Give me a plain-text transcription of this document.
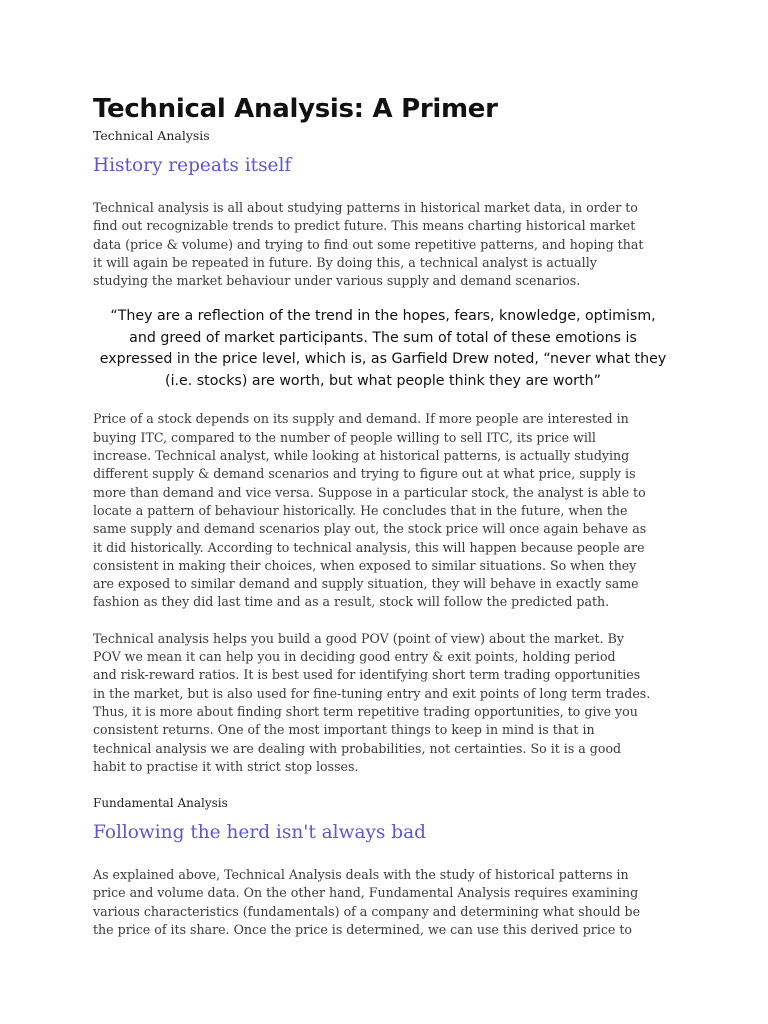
Technical Analysis: A Primer
Technical Analysis
History repeats itself

Technical analysis is all about studying patterns in historical market data, in order to
find out recognizable trends to predict future. This means charting historical market
data (price & volume) and trying to find out some repetitive patterns, and hoping that
it will again be repeated in future. By doing this, a technical analyst is actually
studying the market behaviour under various supply and demand scenarios.

“They are a reflection of the trend in the hopes, fears, knowledge, optimism,
and greed of market participants. The sum of total of these emotions is
expressed in the price level, which is, as Garfield Drew noted, “never what they
(i.e. stocks) are worth, but what people think they are worth”

Price of a stock depends on its supply and demand. If more people are interested in
buying ITC, compared to the number of people willing to sell ITC, its price will
increase. Technical analyst, while looking at historical patterns, is actually studying
different supply & demand scenarios and trying to figure out at what price, supply is
more than demand and vice versa. Suppose in a particular stock, the analyst is able to
locate a pattern of behaviour historically. He concludes that in the future, when the
same supply and demand scenarios play out, the stock price will once again behave as
it did historically. According to technical analysis, this will happen because people are
consistent in making their choices, when exposed to similar situations. So when they
are exposed to similar demand and supply situation, they will behave in exactly same
fashion as they did last time and as a result, stock will follow the predicted path.

Technical analysis helps you build a good POV (point of view) about the market. By
POV we mean it can help you in deciding good entry & exit points, holding period
and risk-reward ratios. It is best used for identifying short term trading opportunities
in the market, but is also used for fine-tuning entry and exit points of long term trades.
Thus, it is more about finding short term repetitive trading opportunities, to give you
consistent returns. One of the most important things to keep in mind is that in
technical analysis we are dealing with probabilities, not certainties. So it is a good
habit to practise it with strict stop losses.

Fundamental Analysis
Following the herd isn't always bad

As explained above, Technical Analysis deals with the study of historical patterns in
price and volume data. On the other hand, Fundamental Analysis requires examining
various characteristics (fundamentals) of a company and determining what should be
the price of its share. Once the price is determined, we can use this derived price to
